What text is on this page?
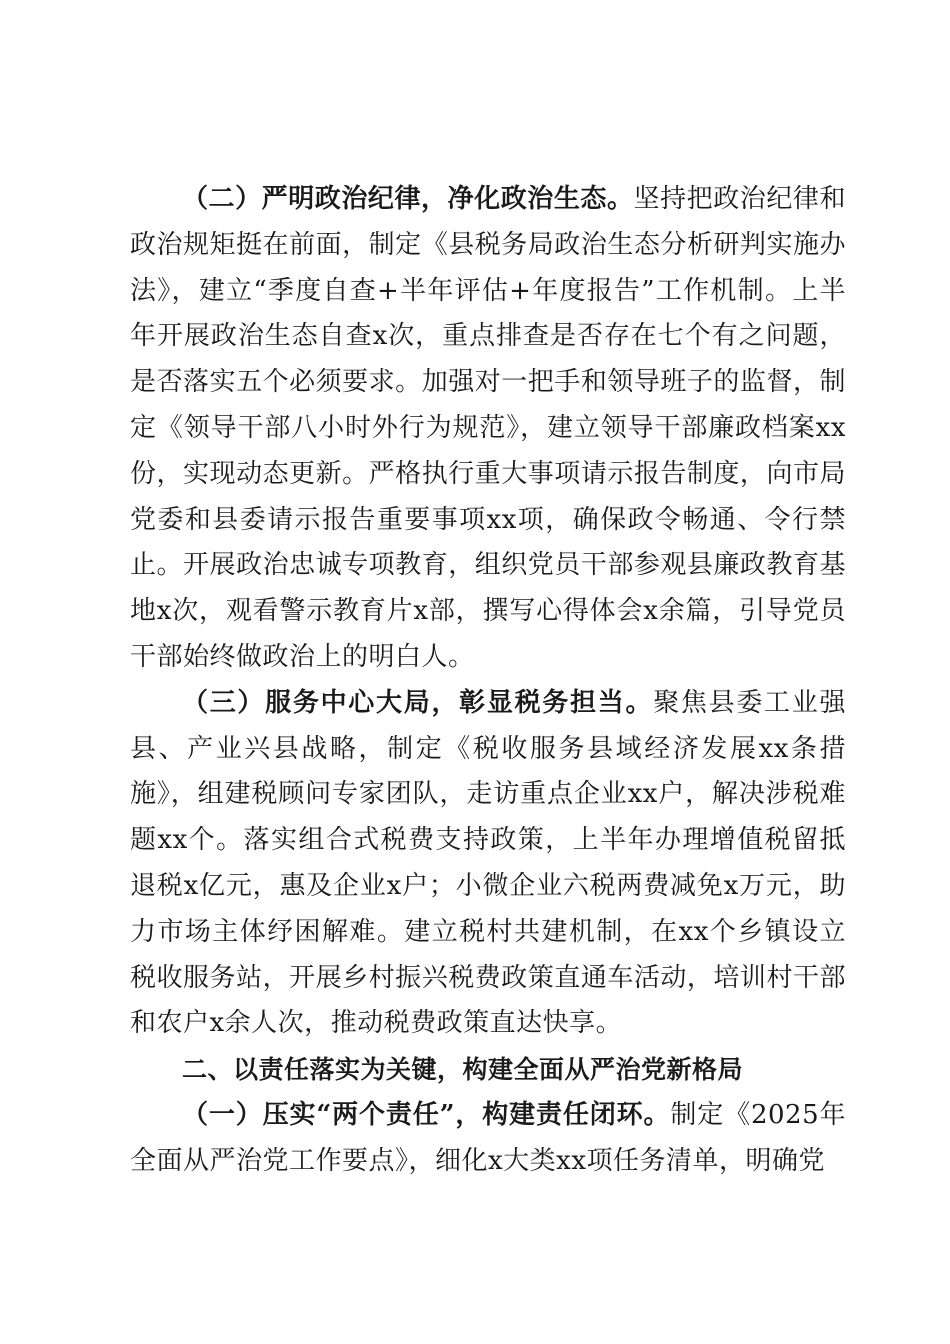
（二）严明政治纪律，净化政治生态。坚持把政治纪律和政治规矩挺在前面，制定《县税务局政治生态分析研判实施办法》，建立“季度自查+半年评估+年度报告”工作机制。上半年开展政治生态自查x次，重点排查是否存在七个有之问题，是否落实五个必须要求。加强对一把手和领导班子的监督，制定《领导干部八小时外行为规范》，建立领导干部廉政档案xx份，实现动态更新。严格执行重大事项请示报告制度，向市局党委和县委请示报告重要事项xx项，确保政令畅通、令行禁止。开展政治忠诚专项教育，组织党员干部参观县廉政教育基地x次，观看警示教育片x部，撰写心得体会x余篇，引导党员干部始终做政治上的明白人。

（三）服务中心大局，彰显税务担当。聚焦县委工业强县、产业兴县战略，制定《税收服务县域经济发展xx条措施》，组建税顾问专家团队，走访重点企业xx户，解决涉税难题xx个。落实组合式税费支持政策，上半年办理增值税留抵退税x亿元，惠及企业x户；小微企业六税两费减免x万元，助力市场主体纾困解难。建立税村共建机制，在xx个乡镇设立税收服务站，开展乡村振兴税费政策直通车活动，培训村干部和农户x余人次，推动税费政策直达快享。

二、以责任落实为关键，构建全面从严治党新格局

（一）压实“两个责任”，构建责任闭环。制定《2025年全面从严治党工作要点》，细化x大类xx项任务清单，明确党
